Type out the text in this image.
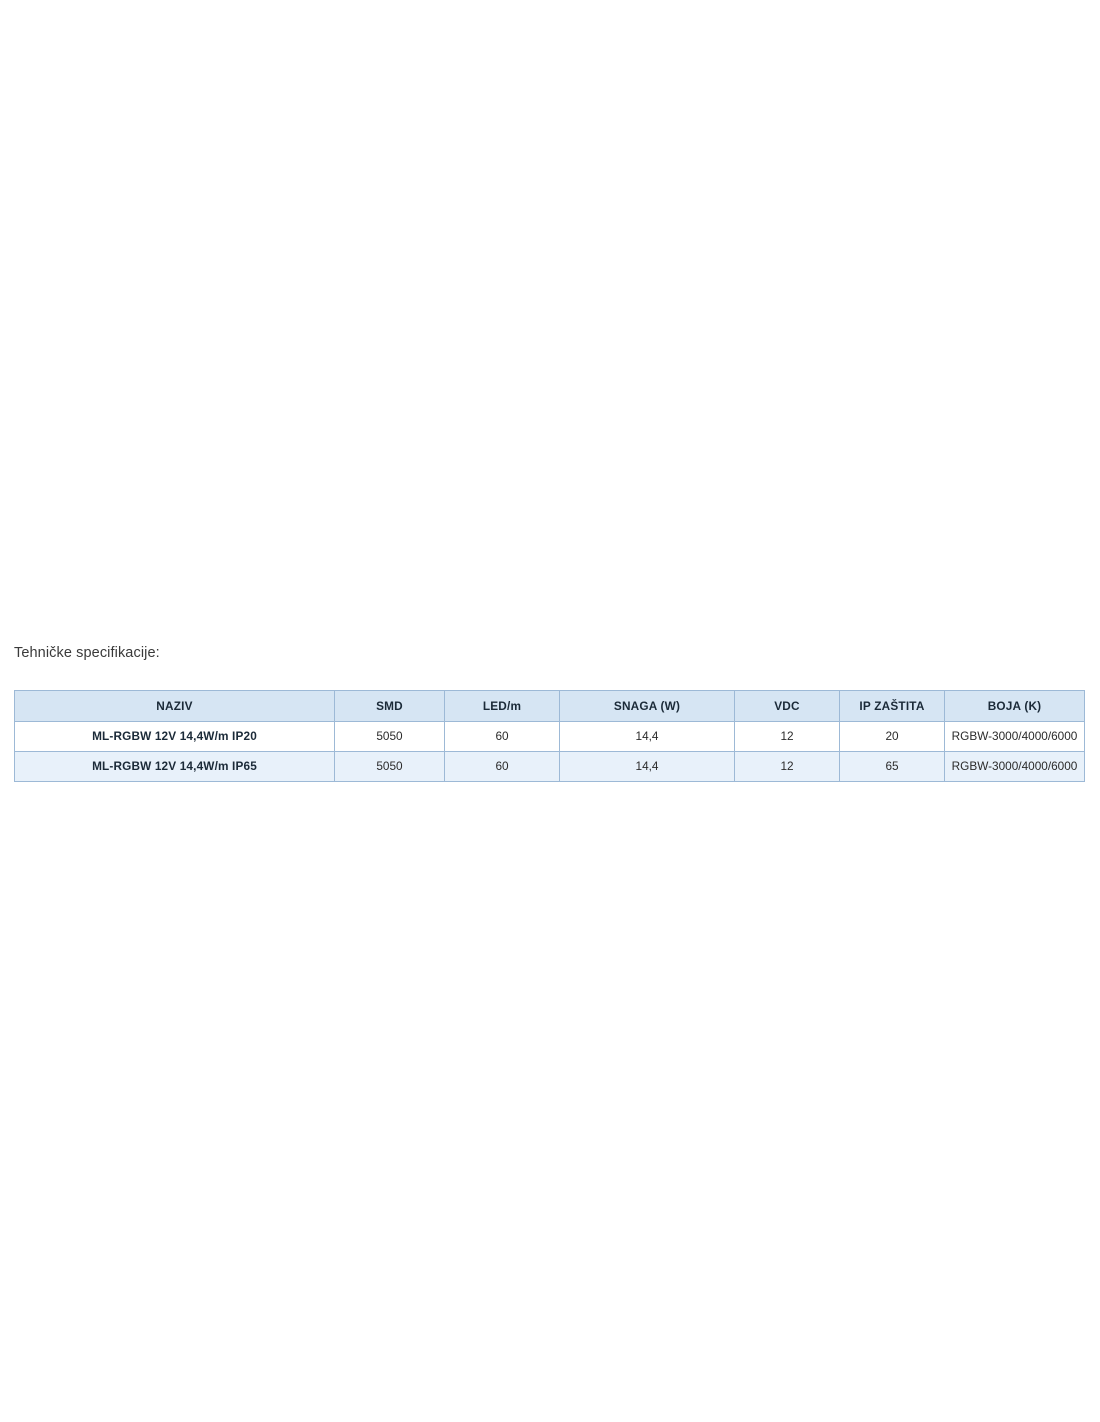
Tehničke specifikacije:
NAZIV	SMD	LED/m	SNAGA (W)	VDC	IP ZAŠTITA	BOJA (K)
ML-RGBW 12V 14,4W/m IP20	5050	60	14,4	12	20	RGBW-3000/4000/6000
ML-RGBW 12V 14,4W/m IP65	5050	60	14,4	12	65	RGBW-3000/4000/6000
